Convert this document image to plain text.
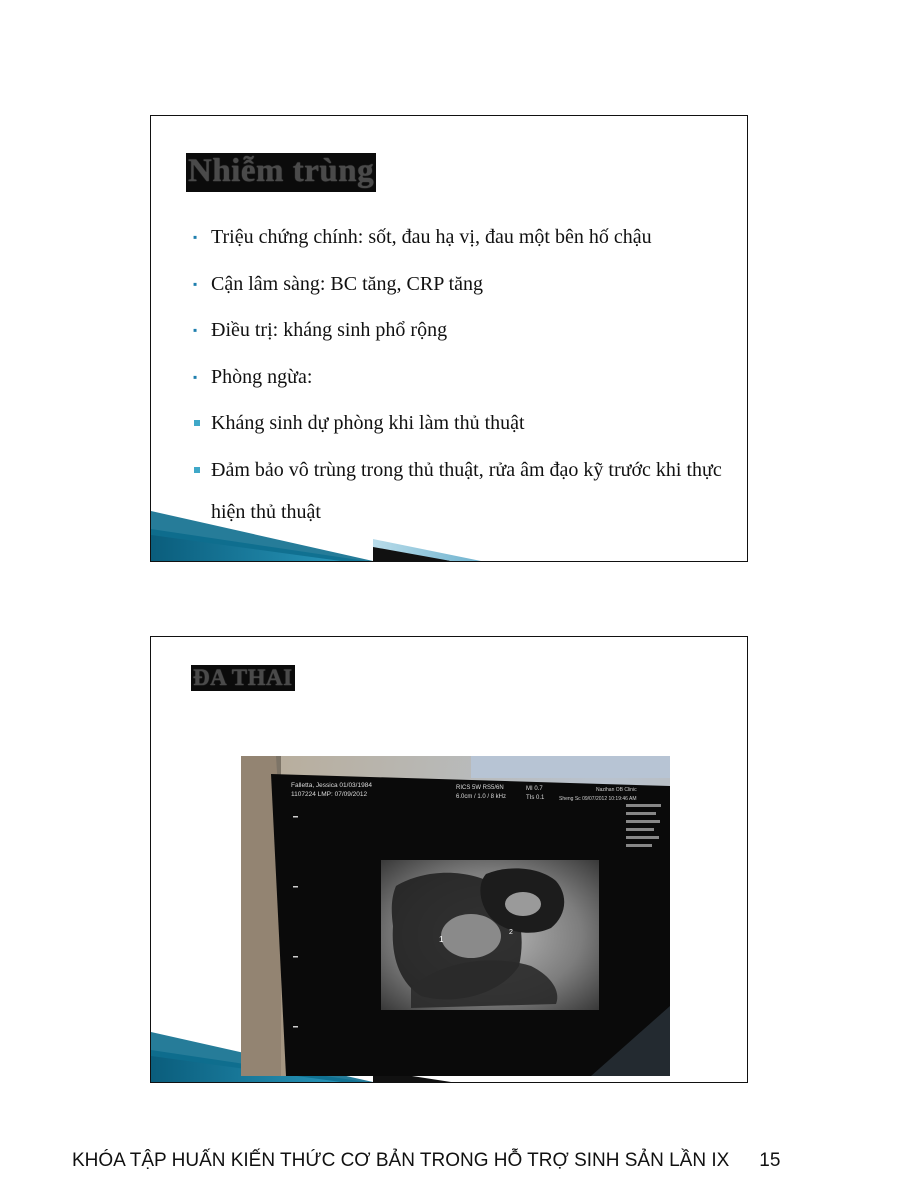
Nhiễm trùng
▪ Triệu chứng chính: sốt, đau hạ vị, đau một bên hố chậu
▪ Cận lâm sàng: BC tăng, CRP tăng
▪ Điều trị: kháng sinh phổ rộng
▪ Phòng ngừa:
Kháng sinh dự phòng khi làm thủ thuật
Đảm bảo vô trùng trong thủ thuật, rửa âm đạo kỹ trước khi thực hiện thủ thuật
ĐA THAI
Falletta, Jessica 01/03/1984
1107224 LMP: 07/09/2012
RICS 5W RS5/6N
6.0cm / 1.0 / 8 kHz
MI 0.7
TIs 0.1
Nazihan OB Clinic
Sheng Sc 09/07/2012 10:19:46 AM
1
2
KHÓA TẬP HUẤN KIẾN THỨC CƠ BẢN TRONG HỖ TRỢ SINH SẢN LẦN IX 15
